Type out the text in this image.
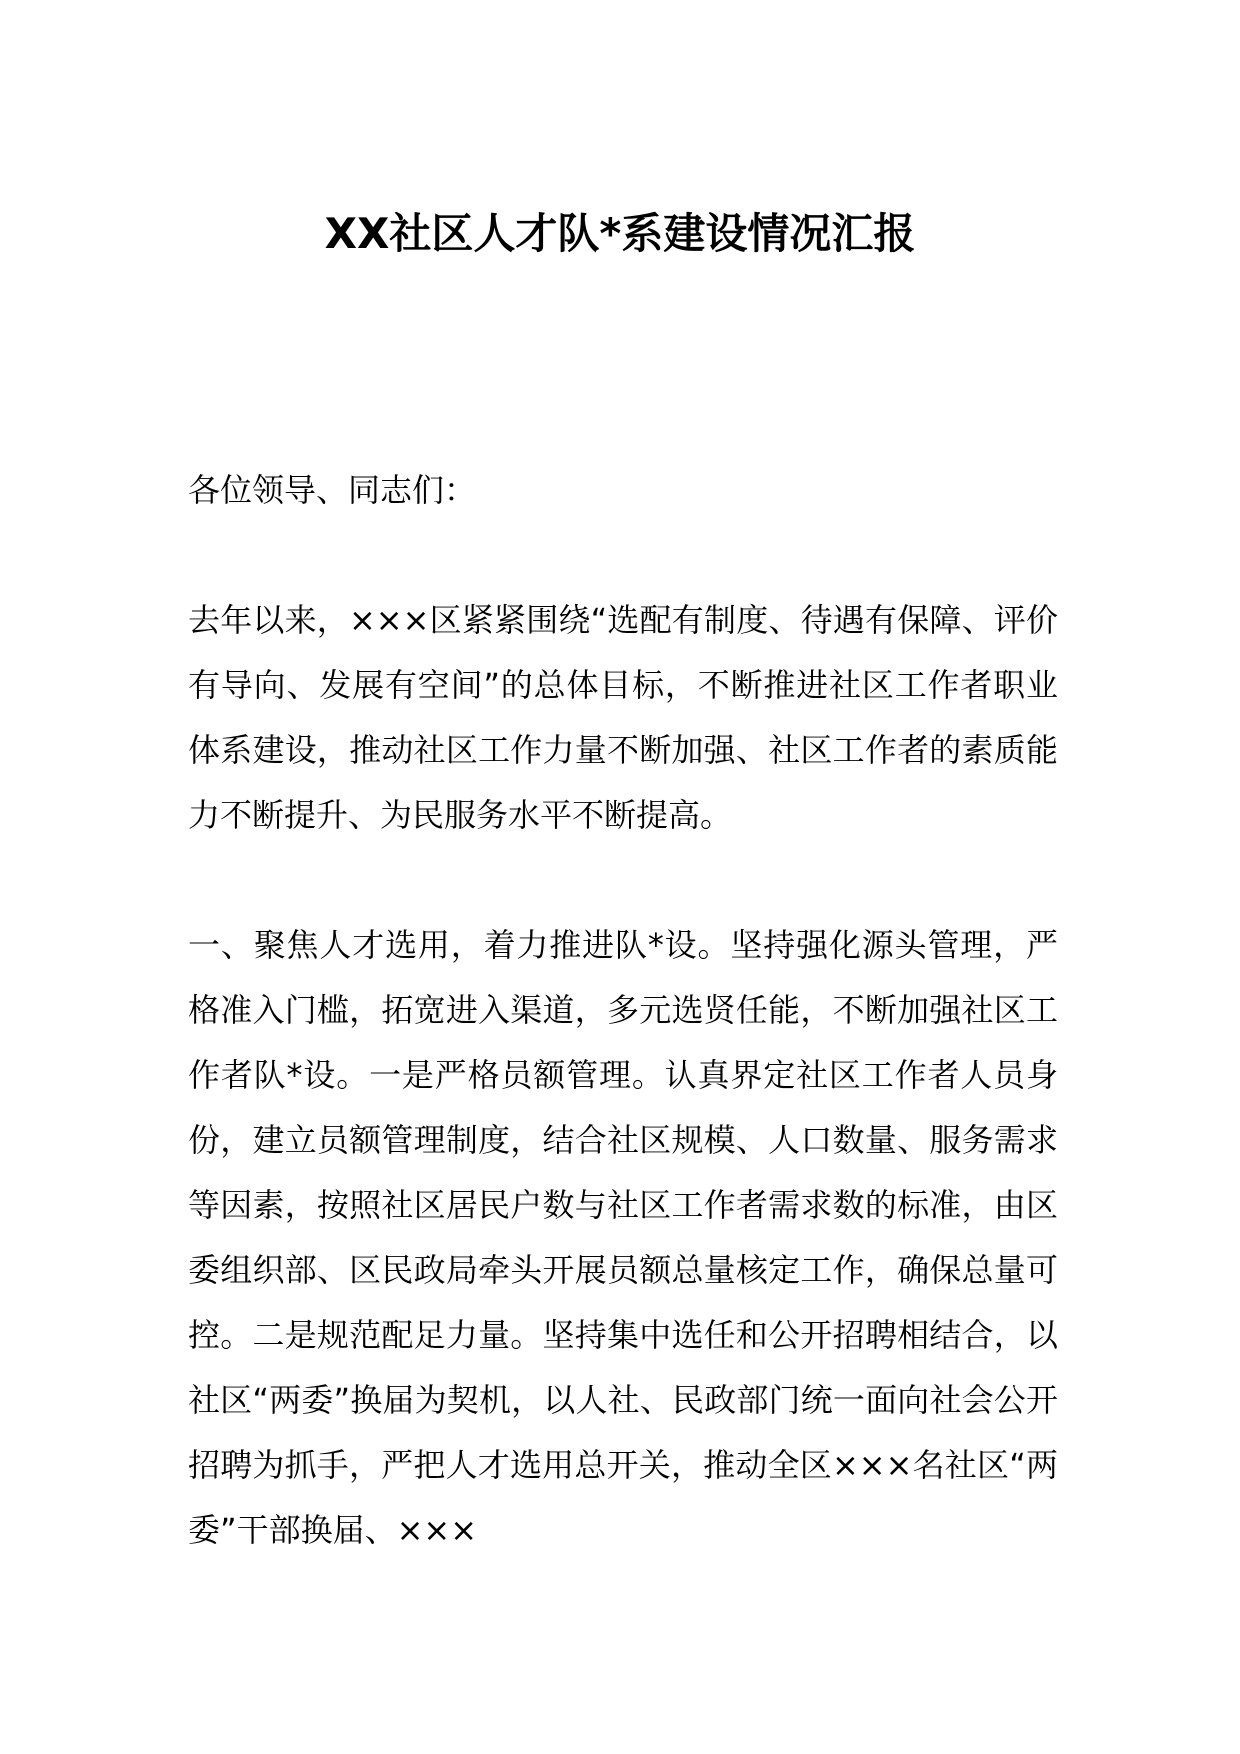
XX社区人才队*系建设情况汇报

各位领导、同志们：

去年以来，×××区紧紧围绕“选配有制度、待遇有保障、评价有导向、发展有空间”的总体目标，不断推进社区工作者职业体系建设，推动社区工作力量不断加强、社区工作者的素质能力不断提升、为民服务水平不断提高。

一、聚焦人才选用，着力推进队*设。坚持强化源头管理，严格准入门槛，拓宽进入渠道，多元选贤任能，不断加强社区工作者队*设。一是严格员额管理。认真界定社区工作者人员身份，建立员额管理制度，结合社区规模、人口数量、服务需求等因素，按照社区居民户数与社区工作者需求数的标准，由区委组织部、区民政局牵头开展员额总量核定工作，确保总量可控。二是规范配足力量。坚持集中选任和公开招聘相结合，以社区“两委”换届为契机，以人社、民政部门统一面向社会公开招聘为抓手，严把人才选用总开关，推动全区×××名社区“两委”干部换届、×××
